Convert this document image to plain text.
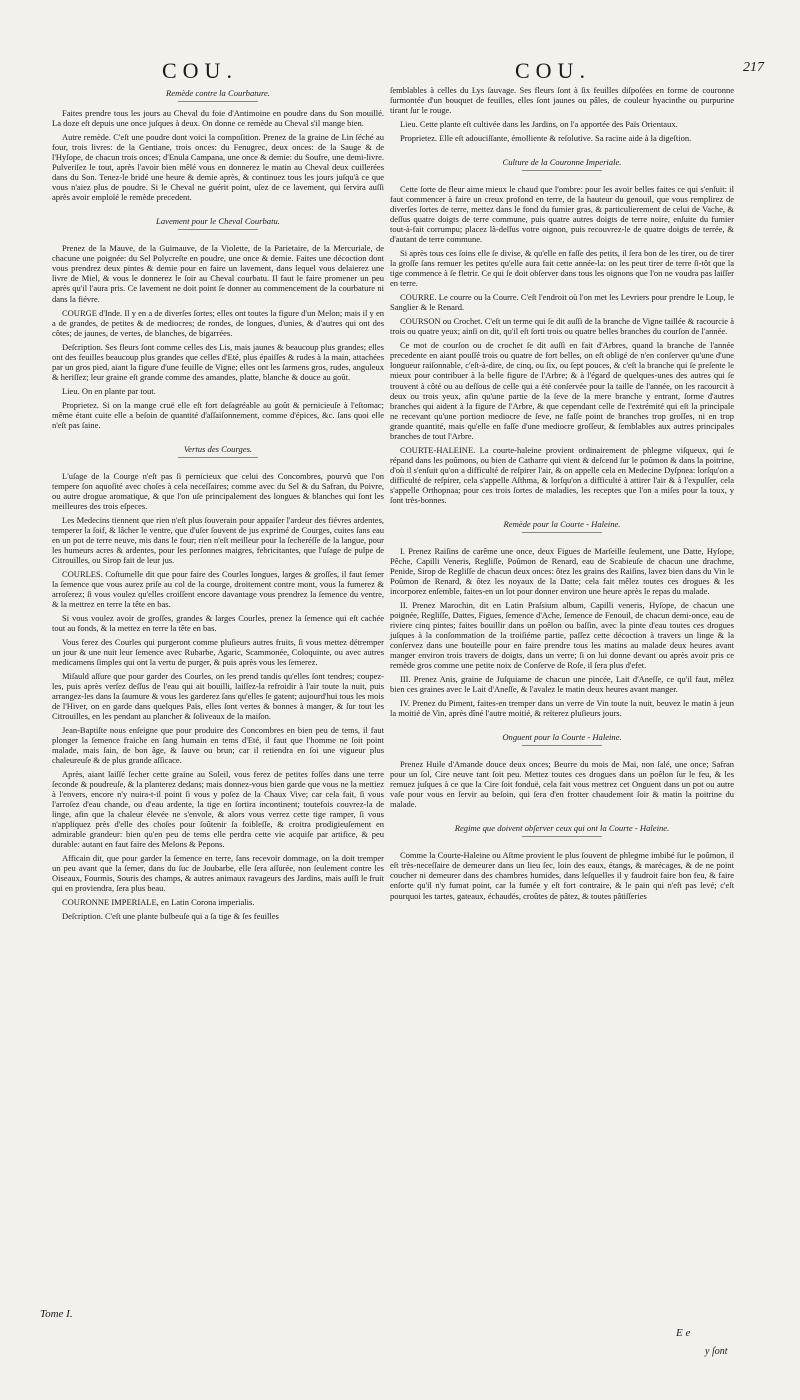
COU.	COU.	217
Remède contre la Courbature.

Faites prendre tous les jours au Cheval du foie d'Antimoine en poudre dans du Son mouillé. La doze eſt depuis une once juſques à deux. On donne ce remède au Cheval s'il mange bien.

Autre remède. C'eſt une poudre dont voici la compoſition. Prenez de la graine de Lin ſéché au four, trois livres: de la Gentiane, trois onces: du Fenugrec, deux onces: de la Sauge & de l'Hyſope, de chacun trois onces; d'Enula Campana, une once & demie: du Soufre, une demi-livre. Pulveriſez le tout, après l'avoir bien mêlé vous en donnerez le matin au Cheval deux cuillerées dans du Son. Tenez-le bridé une heure & demie après, & continuez tous les jours juſqu'à ce que vous n'aiez plus de poudre. Si le Cheval ne guérit point, uſez de ce lavement, qui ſervira auſſi après avoir emploïé le remède precedent.

Lavement pour le Cheval Courbatu.

Prenez de la Mauve, de la Guimauve, de la Violette, de la Parietaire, de la Mercuriale, de chacune une poignée: du Sel Polycreſte en poudre, une once & demie. Faites une décoction dont vous prendrez deux pintes & demie pour en faire un lavement, dans lequel vous delaierez une livre de Miel, & vous le donnerez le ſoir au Cheval courbatu. Il faut le faire promener un peu après qu'il l'aura pris. Ce lavement ne doit point ſe donner au commencement de la courbature ni dans la fiévre.

COURGE d'Inde. Il y en a de diverſes ſortes; elles ont toutes la figure d'un Melon; mais il y en a de grandes, de petites & de mediocres; de rondes, de longues, d'unies, & d'autres qui ont des côtes; de jaunes, de vertes, de blanches, de bigarrées.

Deſcription. Ses fleurs ſont comme celles des Lis, mais jaunes & beaucoup plus grandes; elles ont des feuilles beaucoup plus grandes que celles d'Eté, plus épaiſſes & rudes à la main, attachées par un gros pied, aiant la figure d'une feuille de Vigne; elles ont les ſarmens gros, rudes, anguleux & heriſſez; leur graine eſt grande comme des amandes, platte, blanche & douce au goût.

Lieu. On en plante par tout.

Proprietez. Si on la mange cruë elle eſt fort deſagréable au goût & pernicieuſe à l'eſtomac; même étant cuite elle a beſoin de quantité d'aſſaiſonnement, comme d'épices, &c. ſans quoi elle n'eſt pas ſaine.

Vertus des Courges.

L'uſage de la Courge n'eſt pas ſi pernicieux que celui des Concombres, pourvû que l'on tempere ſon aquoſité avec choſes à cela neceſſaires; comme avec du Sel & du Safran, du Poivre, ou autre drogue aromatique, & que l'on uſe principalement des longues & blanches qui ſont les meilleures des trois eſpeces.

Les Medecins tiennent que rien n'eſt plus ſouverain pour appaiſer l'ardeur des fiévres ardentes, temperer la ſoif, & lâcher le ventre, que d'uſer ſouvent de jus exprimé de Courges, cuites ſans eau en un pot de terre neuve, mis dans le four; rien n'eſt meilleur pour la ſecheréſſe de la langue, pour les humeurs acres & ardentes, pour les perſonnes maigres, febricitantes, que l'uſage de pulpe de Citrouilles, ou Sirop fait de leur jus.

COURLES. Coſtumelle dit que pour faire des Courles longues, larges & groſſes, il faut ſemer la ſemence que vous aurez priſe au col de la courge, droitement contre mont, vous la fumerez & arroſerez; ſi vous voulez qu'elles croiſſent encore davantage vous prendrez la ſemence du ventre, & la mettrez en terre la tête en bas.

Si vous voulez avoir de groſſes, grandes & larges Courles, prenez la ſemence qui eſt cachée tout au fonds, & la mettez en terre la tête en bas.

Vous ferez des Courles qui purgeront comme pluſieurs autres fruits, ſi vous mettez détremper un jour & une nuit leur ſemence avec Rubarbe, Agaric, Scammonée, Coloquinte, ou avec autres medicamens ſimples qui ont la vertu de purger, & puis après vous les ſemerez.

Miſauld aſſure que pour garder des Courles, on les prend tandis qu'elles ſont tendres; coupez-les, puis après verſez deſſus de l'eau qui ait bouilli, laiſſez-la refroidir à l'air toute la nuit, puis arrangez-les dans la ſaumure & vous les garderez ſans qu'elles ſe gatent; aujourd'hui tous les mois de l'Hiver, on en garde dans quelques Païs, elles ſont vertes & bonnes à manger, & ſur tout les Citrouilles, en les pendant au plancher & ſoliveaux de la maiſon.

Jean-Baptiſte nous enſeigne que pour produire des Concombres en bien peu de tems, il faut plonger la ſemence fraiche en ſang humain en tems d'Eté, il faut que l'homme ne ſoit point malade, mais ſain, de bon âge, & ſauve ou brun; car il retiendra en ſoi une vigueur plus chaleureuſe & de plus grande aſſicace.

Après, aiant laiſſé ſecher cette graine au Soleil, vous ferez de petites foſſes dans une terre ſeconde & poudreuſe, & la planterez dedans; mais donnez-vous bien garde que vous ne la mettiez à l'envers, encore n'y nuira-t-il point ſi vous y poſez de la Chaux Vive; car cela fait, ſi vous l'arroſez d'eau chande, ou d'eau ardente, la tige en ſortira incontinent; toutefois couvrez-la de linge, afin que la chaleur élevée ne s'envole, & alors vous verrez cette tige ramper, ſi vous n'appliquez près d'elle des choſes pour ſoûtenir ſa foibleſſe, & croitra prodigieuſement en admirable grandeur: bien qu'en peu de tems elle perdra cette vie acquiſe par artifice, & peu durable: autant en faut faire des Melons & Pepons.

Afficain dit, que pour garder la ſemence en terre, ſans recevoir dommage, on la doit tremper un peu avant que la ſemer, dans du ſuc de Joubarbe, elle ſera aſſurée, non ſeulement contre les Oiseaux, Fourmis, Souris des champs, & autres animaux ravageurs des Jardins, mais auſſi le fruit qui en proviendra, ſera plus beau.

COURONNE IMPERIALE, en Latin Corona imperialis.

Deſcription. C'eſt une plante bulbeuſe qui a ſa tige & ſes feuilles

ſemblables à celles du Lys ſauvage. Ses fleurs ſont à ſix feuilles diſpoſées en forme de couronne ſurmontée d'un bouquet de feuilles, elles ſont jaunes ou pâles, de couleur hyacinthe ou purpurine tirant ſur le rouge.

Lieu. Cette plante eſt cultivée dans les Jardins, on l'a apportée des Païs Orientaux.

Proprietez. Elle eſt adouciſſante, émolliente & reſolutive. Sa racine aide à la digeſtion.

Culture de la Couronne Imperiale.

Cette ſorte de fleur aime mieux le chaud que l'ombre: pour les avoir belles faites ce qui s'enſuit: il faut commencer à faire un creux profond en terre, de la hauteur du genouil, que vous remplirez de diverſes ſortes de terre, mettez dans le fond du fumier gras, & particulierement de celui de Vache, & deſſus quatre doigts de terre commune, puis quatre autres doigts de terre noire, enſuite du fumier tout-à-fait corrumpu; placez là-deſſus votre oignon, puis recouvrez-le de quatre doigts de terrée, & d'autant de terre commune.

Si après tous ces ſoins elle ſe divise, & qu'elle en faſſe des petits, il ſera bon de les tirer, ou de tirer la groſſe ſans remuer les petites qu'elle aura fait cette année-la: on les peut tirer de terre ſi-tôt que la tige commence à ſe fletrir. Ce qui ſe doit obſerver dans tous les oignons que l'on ne voudra pas laiſſer en terre.

COURRE. Le courre ou la Courre. C'eſt l'endroit où l'on met les Levriers pour prendre le Loup, le Sanglier & le Renard.

COURSON ou Crochet. C'eſt un terme qui ſe dit auſſi de la branche de Vigne taillée & racourcie à trois ou quatre yeux; ainſi on dit, qu'il eſt ſorti trois ou quatre belles branches du courſon de l'année.

Ce mot de courſon ou de crochet ſe dit auſſi en fait d'Arbres, quand la branche de l'année precedente en aiant pouſſé trois ou quatre de fort belles, on eſt obligé de n'en conſerver qu'une d'une longueur raiſonnable, c'eſt-à-dire, de cinq, ou ſix, ou ſept pouces, & c'eſt la branche qui ſe preſente le mieux pour contribuer à la belle figure de l'Arbre; & à l'égard de quelques-unes des autres qui ſe trouvent à côté ou au deſſous de celle qui a été conſervée pour la taille de l'année, on les racourcit à deux ou trois yeux, afin qu'une partie de la ſeve de la mere branche y entrant, ſorme d'autres branches qui aident à la figure de l'Arbre, & que cependant celle de l'extrémité qui eſt la principale ne recevant qu'une portion mediocre de ſeve, ne faſſe point de branches trop groſſes, ni en trop grande quantité, mais qu'elle en faſſe d'une mediocre groſſeur, & ſemblables aux autres principales branches de tout l'Arbre.

COURTE-HALEINE. La courte-haleine provient ordinairement de phlegme viſqueux, qui ſe répand dans les poûmons, ou bien de Catharre qui vient & deſcend ſur le poûmon & dans la poitrine, d'où il s'enſuit qu'on a difficulté de reſpirer l'air, & on appelle cela en Medecine Dyſpnea: lorſqu'on a difficulté de reſpirer, cela s'appelle Aſthma, & lorſqu'on a difficulté à attirer l'air & à l'expulſer, cela s'appelle Orthopnaa; pour ces trois ſortes de maladies, les receptes que l'on a miſes pour la toux, y ſont très-bonnes.

Remède pour la Courte - Haleine.

I. Prenez Raiſins de carême une once, deux Figues de Marſeille ſeulement, une Datte, Hyſope, Pêche, Capilli Veneris, Regliſſe, Poûmon de Renard, eau de Scabieuſe de chacun une drachme, Penide, Sirop de Regliſſe de chacun deux onces: ôtez les grains des Raiſins, lavez bien dans du Vin le Poûmon de Renard, & ôtez les noyaux de la Datte; cela fait mêlez toutes ces drogues & les incorporez enſemble, faites-en un lot pour donner environ une heure après le repas du malade.

II. Prenez Marochin, dit en Latin Praſsium album, Capilli veneris, Hyſope, de chacun une poignée, Regliſſe, Dattes, Figues, ſemence d'Ache, ſemence de Fenouil, de chacun demi-once, eau de riviere cinq pintes; faites bouillir dans un poêlon ou baſſin, avec la pinte d'eau toutes ces drogues juſques à la conſommation de la troiſiéme partie, paſſez cette décoction à travers un linge & la conſervez dans une bouteille pour en faire prendre tous les matins au malade deux heures avant manger environ trois travers de doigts, dans un verre; ſi on lui donne devant ou après avoir pris ce remède gros comme une petite noix de Conſerve de Roſe, il ſera plus d'efet.

III. Prenez Anis, graine de Juſquiame de chacun une pincée, Lait d'Aneſſe, ce qu'il faut, mêlez bien ces graines avec le Lait d'Aneſſe, & l'avalez le matin deux heures avant manger.

IV. Prenez du Piment, faites-en tremper dans un verre de Vin toute la nuit, beuvez le matin à jeun la moitié de Vin, après dîné l'autre moitié, & reïterez pluſieurs jours.

Onguent pour la Courte - Haleine.

Prenez Huile d'Amande douce deux onces; Beurre du mois de Mai, non ſalé, une once; Safran pour un ſol, Cire neuve tant ſoit peu. Mettez toutes ces drogues dans un poêlon ſur le feu, & les remuez juſques à ce que la Cire ſoit fonduë, cela fait vous mettrez cet Onguent dans un pot ou autre vaſe pour vous en ſervir au beſoin, qui ſera d'en frotter chaudement ſoir & matin la poitrine du malade.

Regime que doivent obſerver ceux qui ont la Courte - Haleine.

Comme la Courte-Haleine ou Aſtme provient le plus ſouvent de phlegme imbibé ſur le poûmon, il eſt très-neceſſaire de demeurer dans un lieu ſec, loin des eaux, étangs, & marécages, & de ne point coucher ni demeurer dans des chambres humides, dans leſquelles il y faudroit faire bon feu, & faire enſorte qu'il n'y fumat point, car la fumée y eſt fort contraire, & le pain qui n'eſt pas levé; c'eſt pourquoi les tartes, gateaux, échaudés, croûtes de pâtez, & toutes pâtiſſeries

Tome I.
E e
y ſont
